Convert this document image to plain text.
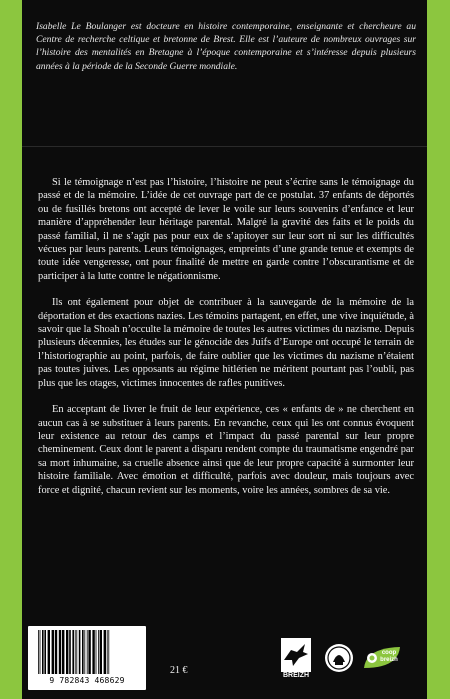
Isabelle Le Boulanger est docteure en histoire contemporaine, enseignante et chercheure au Centre de recherche celtique et bretonne de Brest. Elle est l’auteure de nombreux ouvrages sur l’histoire des mentalités en Bretagne à l’époque contemporaine et s’intéresse depuis plusieurs années à la période de la Seconde Guerre mondiale.

Si le témoignage n’est pas l’histoire, l’histoire ne peut s’écrire sans le témoignage du passé et de la mémoire. L’idée de cet ouvrage part de ce postulat. 37 enfants de déportés ou de fusillés bretons ont accepté de lever le voile sur leurs souvenirs d’enfance et leur manière d’appréhender leur héritage parental. Malgré la gravité des faits et le poids du passé familial, il ne s’agit pas pour eux de s’apitoyer sur leur sort ni sur les difficultés vécues par leurs parents. Leurs témoignages, empreints d’une grande tenue et exempts de toute idée vengeresse, ont pour finalité de mettre en garde contre l’obscurantisme et de participer à la lutte contre le négationnisme.

Ils ont également pour objet de contribuer à la sauvegarde de la mémoire de la déportation et des exactions nazies. Les témoins partagent, en effet, une vive inquiétude, à savoir que la Shoah n’occulte la mémoire de toutes les autres victimes du nazisme. Depuis plusieurs décennies, les études sur le génocide des Juifs d’Europe ont occupé le terrain de l’historiographie au point, parfois, de faire oublier que les victimes du nazisme n’étaient pas toutes juives. Les opposants au régime hitlérien ne méritent pourtant pas l’oubli, pas plus que les otages, victimes innocentes de rafles punitives.

En acceptant de livrer le fruit de leur expérience, ces « enfants de » ne cherchent en aucun cas à se substituer à leurs parents. En revanche, ceux qui les ont connus évoquent leur existence au retour des camps et l’impact du passé parental sur leur propre cheminement. Ceux dont le parent a disparu rendent compte du traumatisme engendré par sa mort inhumaine, sa cruelle absence ainsi que de leur propre capacité à surmonter leur histoire familiale. Avec émotion et difficulté, parfois avec douleur, mais toujours avec force et dignité, chacun revient sur les moments, voire les années, sombres de sa vie.

9 782843 468629
21 €	BREIZH
coop breizh
